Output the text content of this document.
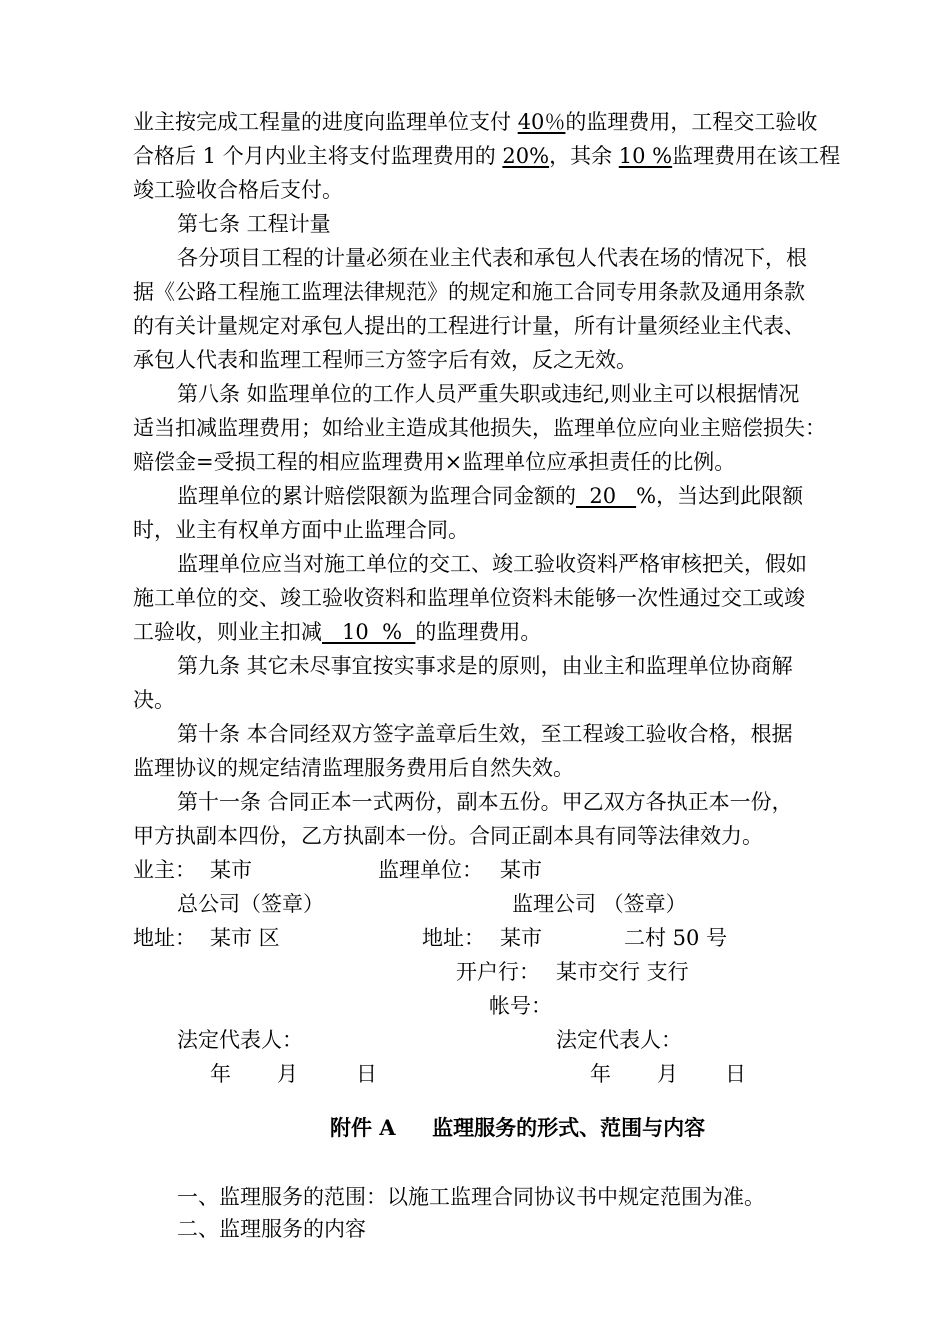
业主按完成工程量的进度向监理单位支付 40％的监理费用，工程交工验收
合格后 1 个月内业主将支付监理费用的 20%，其余 10 %监理费用在该工程
竣工验收合格后支付。
第七条 工程计量
各分项目工程的计量必须在业主代表和承包人代表在场的情况下，根
据《公路工程施工监理法律规范》的规定和施工合同专用条款及通用条款
的有关计量规定对承包人提出的工程进行计量，所有计量须经业主代表、
承包人代表和监理工程师三方签字后有效，反之无效。
第八条 如监理单位的工作人员严重失职或违纪,则业主可以根据情况
适当扣减监理费用；如给业主造成其他损失，监理单位应向业主赔偿损失：
赔偿金=受损工程的相应监理费用×监理单位应承担责任的比例。
监理单位的累计赔偿限额为监理合同金额的  20   %，当达到此限额
时，业主有权单方面中止监理合同。
监理单位应当对施工单位的交工、竣工验收资料严格审核把关，假如
施工单位的交、竣工验收资料和监理单位资料未能够一次性通过交工或竣
工验收，则业主扣减   10  %  的监理费用。
第九条 其它未尽事宜按实事求是的原则，由业主和监理单位协商解
决。
第十条 本合同经双方签字盖章后生效，至工程竣工验收合格，根据
监理协议的规定结清监理服务费用后自然失效。
第十一条 合同正本一式两份，副本五份。甲乙双方各执正本一份，
甲方执副本四份，乙方执副本一份。合同正副本具有同等法律效力。
业主： 某市	监理单位： 某市
总公司（签章）	监理公司 （签章）
地址： 某市 区	地址： 某市	二村 50 号
开户行： 某市交行 支行
帐号：
法定代表人：	法定代表人：
年 月	日	年 月 日
附件 A     监理服务的形式、范围与内容
一、监理服务的范围：以施工监理合同协议书中规定范围为准。
二、监理服务的内容
